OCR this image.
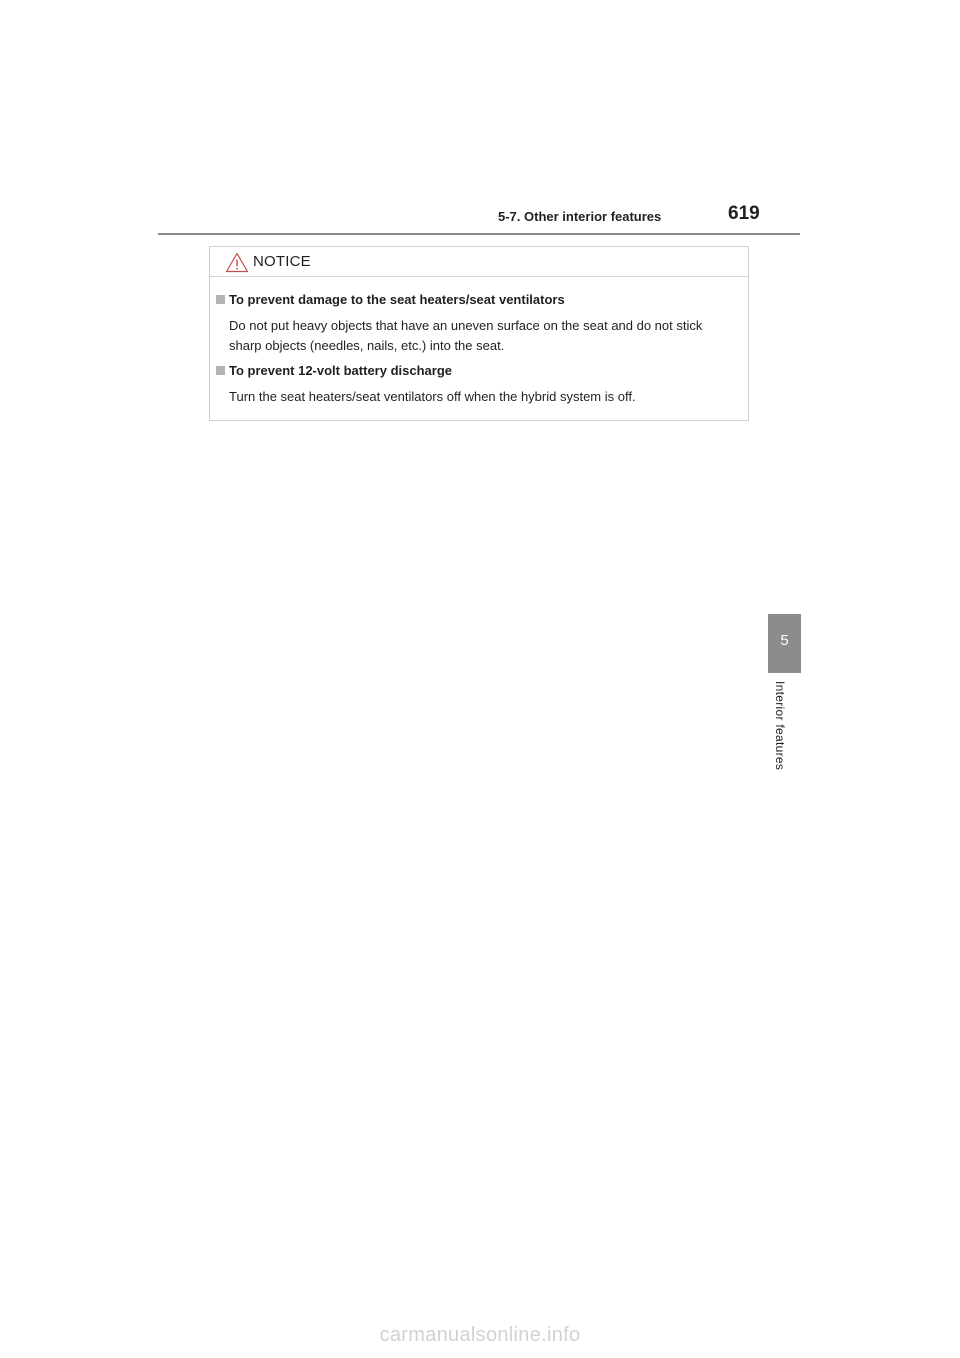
5-7. Other interior features	619
NOTICE
To prevent damage to the seat heaters/seat ventilators
Do not put heavy objects that have an uneven surface on the seat and do not stick sharp objects (needles, nails, etc.) into the seat.
To prevent 12-volt battery discharge
Turn the seat heaters/seat ventilators off when the hybrid system is off.
5
Interior features
carmanualsonline.info
